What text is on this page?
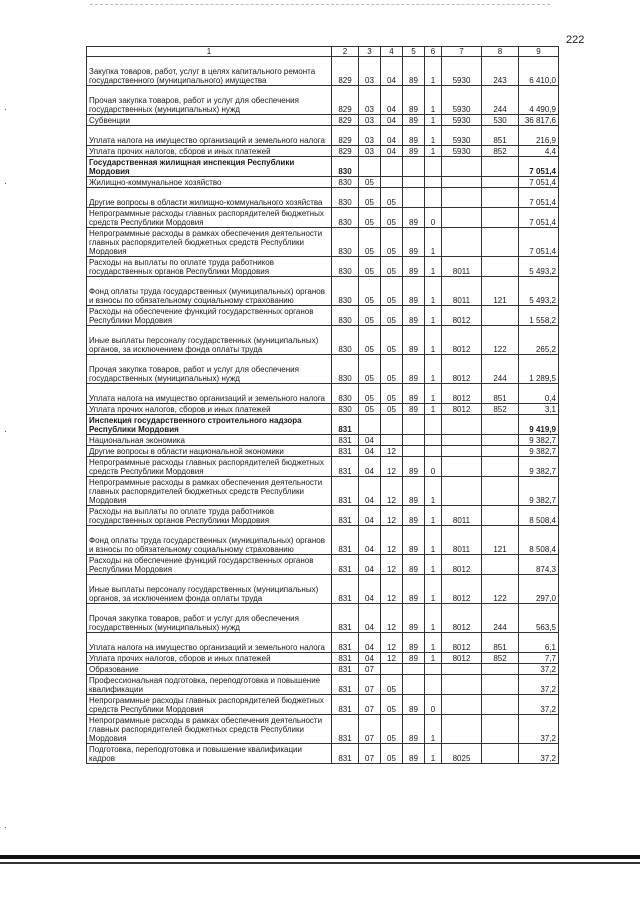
222
·
·
·
·
1	2	3	4	5	6	7	8	9
Закупка товаров, работ, услуг в целях капитального ремонта государственного (муниципального) имущества	829	03	04	89	1	5930	243	6 410,0
Прочая закупка товаров, работ и услуг для обеспечения государственных (муниципальных) нужд	829	03	04	89	1	5930	244	4 490,9
Субвенции	829	03	04	89	1	5930	530	36 817,6
Уплата налога на имущество организаций и земельного налога	829	03	04	89	1	5930	851	216,9
Уплата прочих налогов, сборов и иных платежей	829	03	04	89	1	5930	852	4,4
Государственная жилищная инспекция Республики Мордовия	830							7 051,4
Жилищно-коммунальное хозяйство	830	05						7 051,4
Другие вопросы в области жилищно-коммунального хозяйства	830	05	05					7 051,4
Непрограммные расходы главных распорядителей бюджетных средств Республики Мордовия	830	05	05	89	0			7 051,4
Непрограммные расходы в рамках обеспечения деятельности главных распорядителей бюджетных средств Республики Мордовия	830	05	05	89	1			7 051,4
Расходы на выплаты по оплате труда работников государственных органов Республики Мордовия	830	05	05	89	1	8011		5 493,2
Фонд оплаты труда государственных (муниципальных) органов и взносы по обязательному социальному страхованию	830	05	05	89	1	8011	121	5 493,2
Расходы на обеспечение функций государственных органов Республики Мордовия	830	05	05	89	1	8012		1 558,2
Иные выплаты персоналу государственных (муниципальных) органов, за исключением фонда оплаты труда	830	05	05	89	1	8012	122	265,2
Прочая закупка товаров, работ и услуг для обеспечения государственных (муниципальных) нужд	830	05	05	89	1	8012	244	1 289,5
Уплата налога на имущество организаций и земельного налога	830	05	05	89	1	8012	851	0,4
Уплата прочих налогов, сборов и иных платежей	830	05	05	89	1	8012	852	3,1
Инспекция государственного строительного надзора Республики Мордовия	831							9 419,9
Национальная экономика	831	04						9 382,7
Другие вопросы в области национальной экономики	831	04	12					9 382,7
Непрограммные расходы главных распорядителей бюджетных средств Республики Мордовия	831	04	12	89	0			9 382,7
Непрограммные расходы в рамках обеспечения деятельности главных распорядителей бюджетных средств Республики Мордовия	831	04	12	89	1			9 382,7
Расходы на выплаты по оплате труда работников государственных органов Республики Мордовия	831	04	12	89	1	8011		8 508,4
Фонд оплаты труда государственных (муниципальных) органов и взносы по обязательному социальному страхованию	831	04	12	89	1	8011	121	8 508,4
Расходы на обеспечение функций государственных органов Республики Мордовия	831	04	12	89	1	8012		874,3
Иные выплаты персоналу государственных (муниципальных) органов, за исключением фонда оплаты труда	831	04	12	89	1	8012	122	297,0
Прочая закупка товаров, работ и услуг для обеспечения государственных (муниципальных) нужд	831	04	12	89	1	8012	244	563,5
Уплата налога на имущество организаций и земельного налога	831	04	12	89	1	8012	851	6,1
Уплата прочих налогов, сборов и иных платежей	831	04	12	89	1	8012	852	7,7
Образование	831	07						37,2
Профессиональная подготовка, переподготовка и повышение квалификации	831	07	05					37,2
Непрограммные расходы главных распорядителей бюджетных средств Республики Мордовия	831	07	05	89	0			37,2
Непрограммные расходы в рамках обеспечения деятельности главных распорядителей бюджетных средств Республики Мордовия	831	07	05	89	1			37,2
Подготовка, переподготовка и повышение квалификации кадров	831	07	05	89	1	8025		37,2
